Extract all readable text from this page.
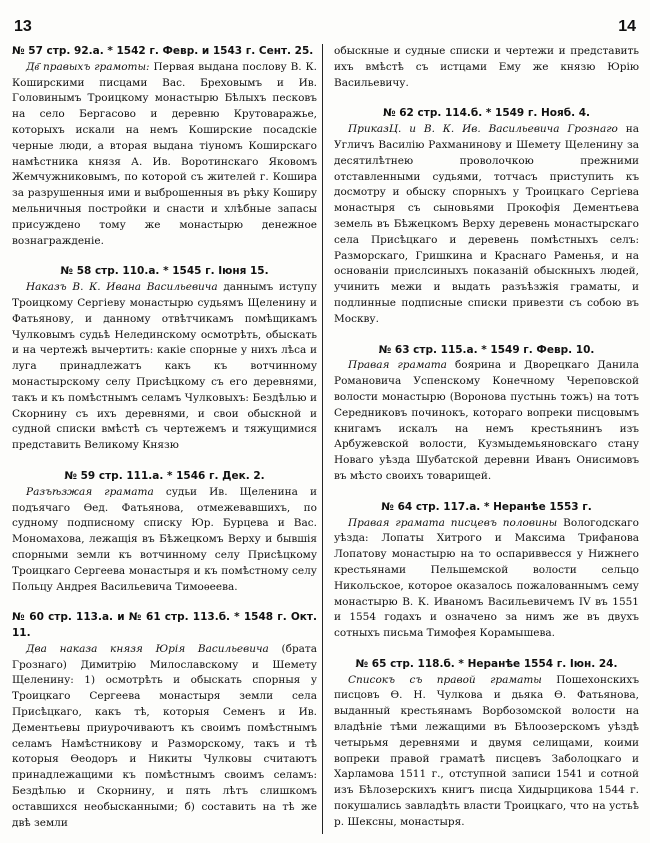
13	14

№ 57 стр. 92.а. * 1542 г. Февр. и 1543 г. Сент. 25.

Дв҃ правыхъ грамоты: Первая выдана послову В. К. Коширскими писцами Вас. Бреховымъ и Ив. Головинымъ Троицкому монастырю Бѣлыхъ песковъ на село Бергасово и деревню Крутоваражье, которыхъ искали на немъ Коширские посадскіе черные люди, а вторая выдана тіуномъ Коширскаго намѣстника князя А. Ив. Воротинскаго Яковомъ Жемчужниковымъ, по которой съ жителей г. Кошира за разрушенныя ими и выброшенныя въ рѣку Коширу мельничныя постройки и снасти и хлѣбные запасы присуждено тому же монастырю денежное вознагражденіе.

№ 58 стр. 110.а. * 1545 г. Іюня 15.

Наказъ В. К. Ивана Васильевича даннымъ иступу Троицкому Сергіеву монастырю судьямъ Щеленину и Фатьянову, и данному отвѣтчикамъ помѣщикамъ Чулковымъ судьѣ Нелединскому осмотрѣть, обыскать и на чертежѣ вычертить: какіе спорные у нихъ лѣса и луга принадлежатъ какъ къ вотчинному монастырскому селу Присѣцкому съ его деревнями, такъ и къ помѣстнымъ селамъ Чулковыхъ: Бездѣлью и Скорнину съ ихъ деревнями, и свои обыскной и судной списки вмѣстѣ съ чертежемъ и тяжущимися представить Великому Князю

№ 59 стр. 111.а. * 1546 г. Дек. 2.

Разъѣзжая грамата судьи Ив. Щеленина и подъячаго Ѳед. Фатьянова, отмежевавшихъ, по судному подписному списку Юр. Бурцева и Вас. Мономахова, лежащія въ Бѣжецкомъ Верху и бывшія спорными земли къ вотчинному селу Присѣцкому Троицкаго Сергеева монастыря и къ помѣстному селу Польцу Андрея Васильевича Тимоѳеева.

№ 60 стр. 113.а. и № 61 стр. 113.б. * 1548 г. Окт. 11.

Два наказа князя Юрія Васильевича (брата Грознаго) Димитрію Милославскому и Шемету Щеленину: 1) осмотрѣть и обыскать спорныя у Троицкаго Сергеева монастыря земли села Присѣцкаго, какъ тѣ, которыя Семенъ и Ив. Дементьевы приурочиваютъ къ своимъ помѣстнымъ селамъ Намѣстникову и Разморскому, такъ и тѣ которыя Ѳеодоръ и Никиты Чулковы считаютъ принадлежащими къ помѣстнымъ своимъ селамъ: Бездѣлью и Скорнину, и пять лѣтъ слишкомъ оставшихся необысканными; б) составить на тѣ же двѣ земли

обыскные и судные списки и чертежи и представить ихъ вмѣстѣ съ истцами Ему же князю Юрію Васильевичу.

№ 62 стр. 114.б. * 1549 г. Нояб. 4.

ПриказЦ. и В. К. Ив. Васильевича Грознаго на Угличъ Василію Рахманинову и Шемету Щеленину за десятилѣтнею проволочкою прежними отставленными судьями, тотчасъ приступить къ досмотру и обыску спорныхъ у Троицкаго Сергіева монастыря съ сыновьями Прокофія Дементьева земель въ Бѣжецкомъ Верху деревень монастырскаго села Присѣцкаго и деревень помѣстныхъ селъ: Разморскаго, Гришкина и Краснаго Раменья, и на основаніи прислсиныхъ показаній обыскныхъ людей, учинить межи и выдать разъѣзжія граматы, и подлинные подписные списки привезти съ собою въ Москву.

№ 63 стр. 115.а. * 1549 г. Февр. 10.

Правая грамата боярина и Дворецкаго Данила Романовича Успенскому Конечному Череповской волости монастырю (Воронова пустынь тожъ) на тотъ Середниковъ починокъ, котораго вопреки писцовымъ книгамъ искалъ на немъ крестьянинъ изъ Арбужевской волости, Кузмыдемьяновскаго стану Новаго уѣзда Шубатской деревни Иванъ Онисимовъ въ мѣсто своихъ товарищей.

№ 64 стр. 117.а. * Неранѣе 1553 г.

Правая грамата писцевъ половины Вологодскаго уѣзда: Лопаты Хитрого и Максима Трифанова Лопатову монастырю на то оспариввесся у Нижнего крестьянами Пельшемской волости сельцо Никольское, которое оказалось пожалованнымъ сему монастырю В. К. Иваномъ Васильевичемъ IV въ 1551 и 1554 годахъ и означено за нимъ же въ двухъ сотныхъ письма Тимофея Корамышева.

№ 65 стр. 118.б. * Неранѣе 1554 г. Іюн. 24.

Списокъ съ правой граматы Пошехонскихъ писцовъ Ѳ. Н. Чулкова и дьяка Ѳ. Фатьянова, выданный крестьянамъ Ворбозомской волости на владѣніе тѣми лежащими въ Бѣлоозерскомъ уѣздѣ четырьмя деревнями и двумя селищами, коими вопреки правой граматѣ писцевъ Заболоцкаго и Харламова 1511 г., отступной записи 1541 и сотной изъ Бѣлозерскихъ книгъ писца Хидырцикова 1544 г. покушались завладѣть власти Троицкаго, что на устьѣ р. Шексны, монастыря.
